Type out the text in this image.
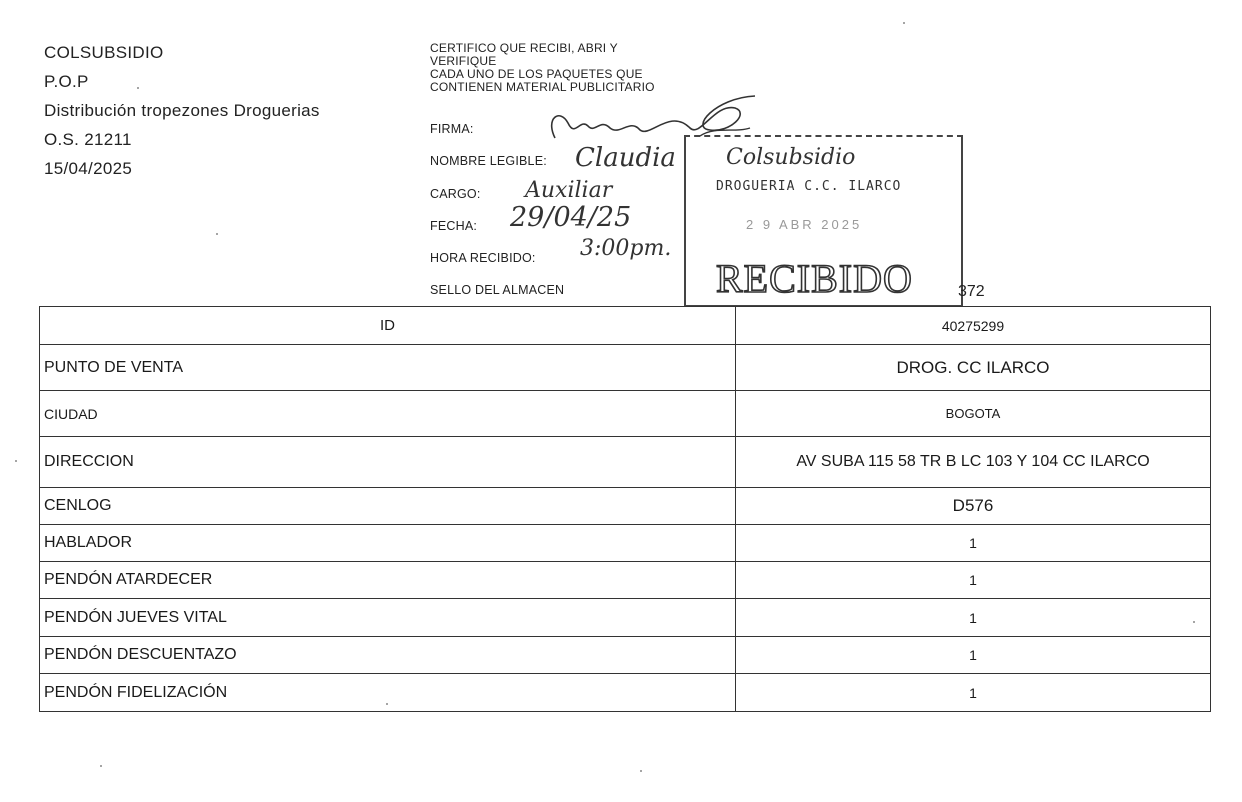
COLSUBSIDIO
P.O.P
Distribución tropezones Droguerias
O.S. 21211
15/04/2025
CERTIFICO QUE RECIBI, ABRI Y
VERIFIQUE
CADA UNO DE LOS PAQUETES QUE
CONTIENEN MATERIAL PUBLICITARIO
FIRMA:
NOMBRE LEGIBLE:
CARGO:
FECHA:
HORA RECIBIDO:
SELLO DEL ALMACEN
Claudia
Auxiliar
29/04/25
3:00pm.
Colsubsidio
DROGUERIA C.C. ILARCO
2 9 ABR 2025
RECIBIDO	372
ID	40275299
PUNTO DE VENTA	DROG. CC ILARCO
CIUDAD	BOGOTA
DIRECCION	AV SUBA 115 58 TR B LC 103 Y 104 CC ILARCO
CENLOG	D576
HABLADOR	1
PENDÓN ATARDECER	1
PENDÓN JUEVES VITAL	1
PENDÓN DESCUENTAZO	1
PENDÓN FIDELIZACIÓN	1
